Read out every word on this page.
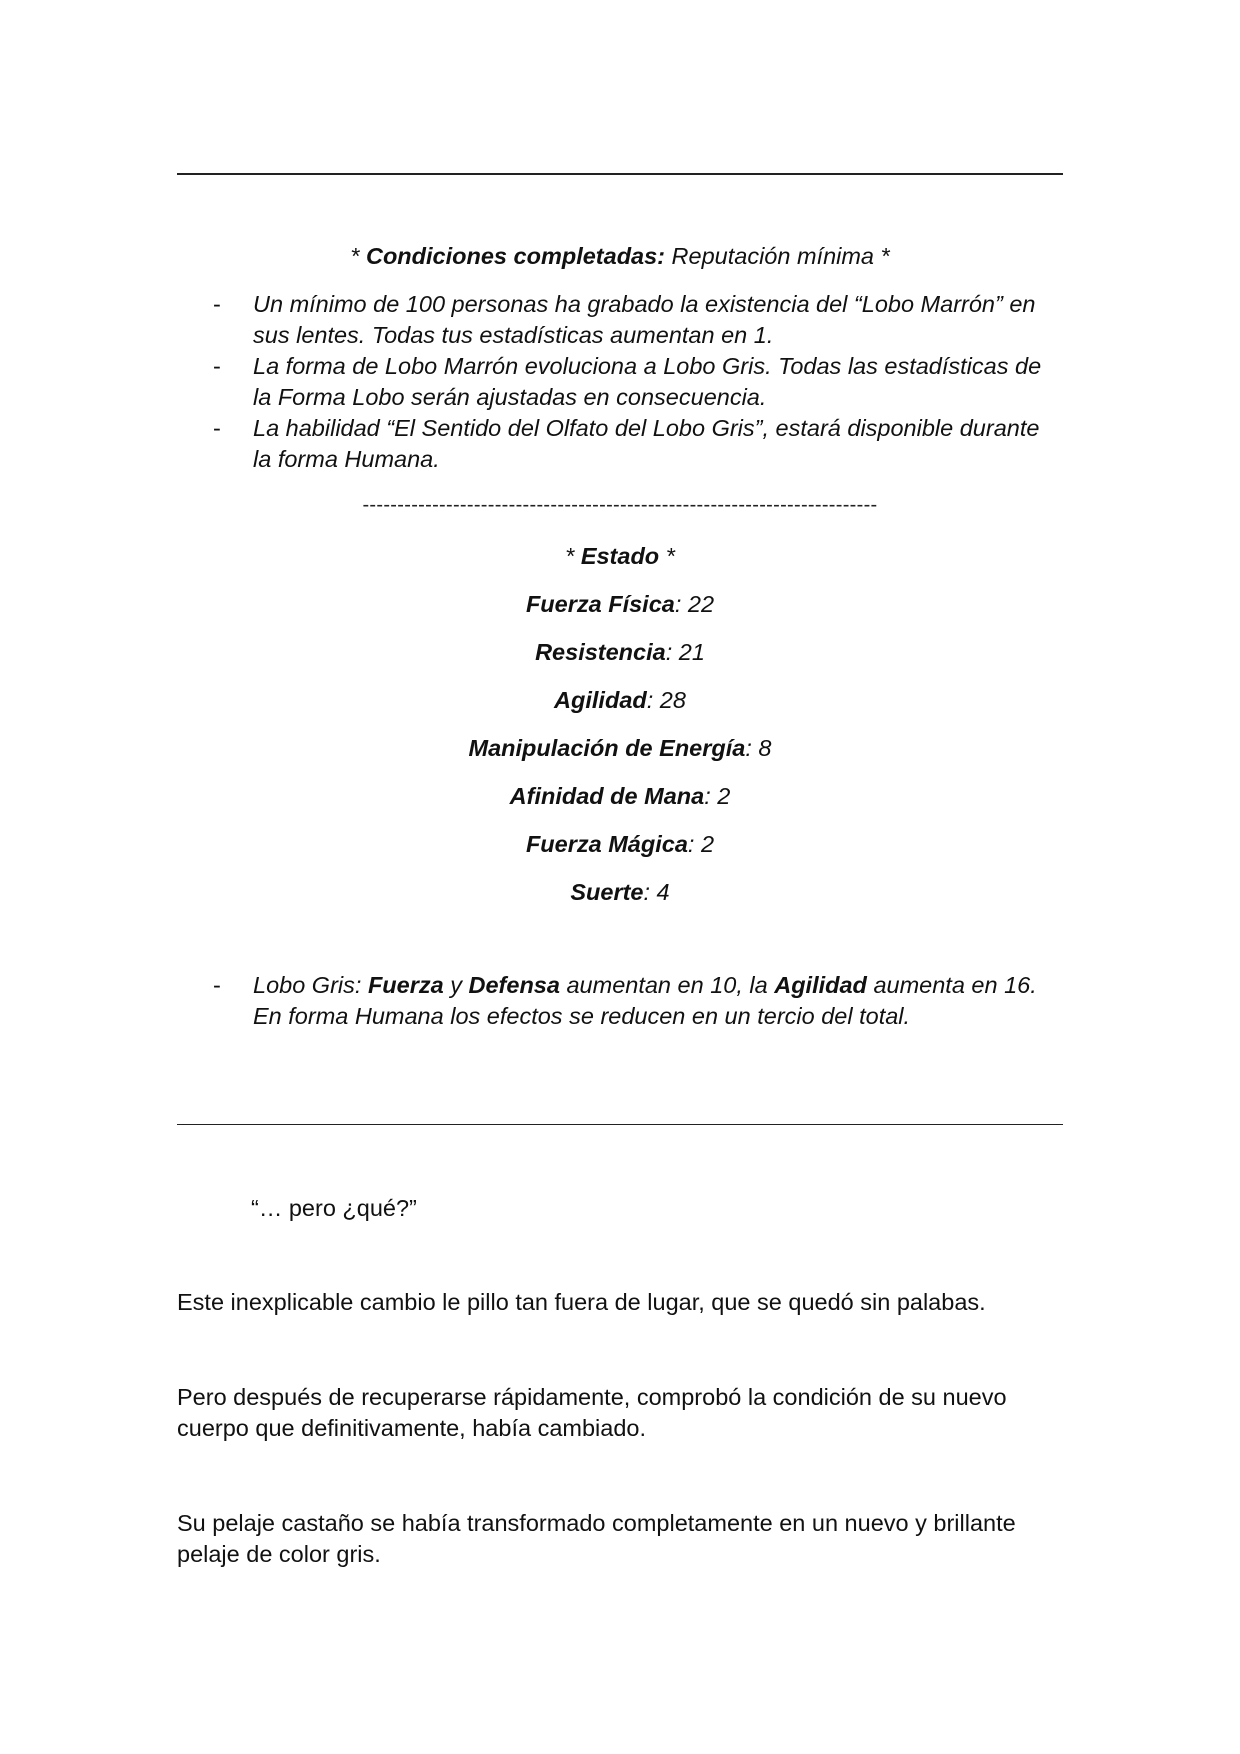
* Condiciones completadas: Reputación mínima *
- Un mínimo de 100 personas ha grabado la existencia del “Lobo Marrón” en sus lentes. Todas tus estadísticas aumentan en 1.
- La forma de Lobo Marrón evoluciona a Lobo Gris. Todas las estadísticas de la Forma Lobo serán ajustadas en consecuencia.
- La habilidad “El Sentido del Olfato del Lobo Gris”, estará disponible durante la forma Humana.
--------------------------------------------------------------------------
* Estado *
Fuerza Física: 22
Resistencia: 21
Agilidad: 28
Manipulación de Energía: 8
Afinidad de Mana: 2
Fuerza Mágica: 2
Suerte: 4
- Lobo Gris: Fuerza y Defensa aumentan en 10, la Agilidad aumenta en 16. En forma Humana los efectos se reducen en un tercio del total.
“… pero ¿qué?”
Este inexplicable cambio le pillo tan fuera de lugar, que se quedó sin palabas.
Pero después de recuperarse rápidamente, comprobó la condición de su nuevo cuerpo que definitivamente, había cambiado.
Su pelaje castaño se había transformado completamente en un nuevo y brillante pelaje de color gris.
